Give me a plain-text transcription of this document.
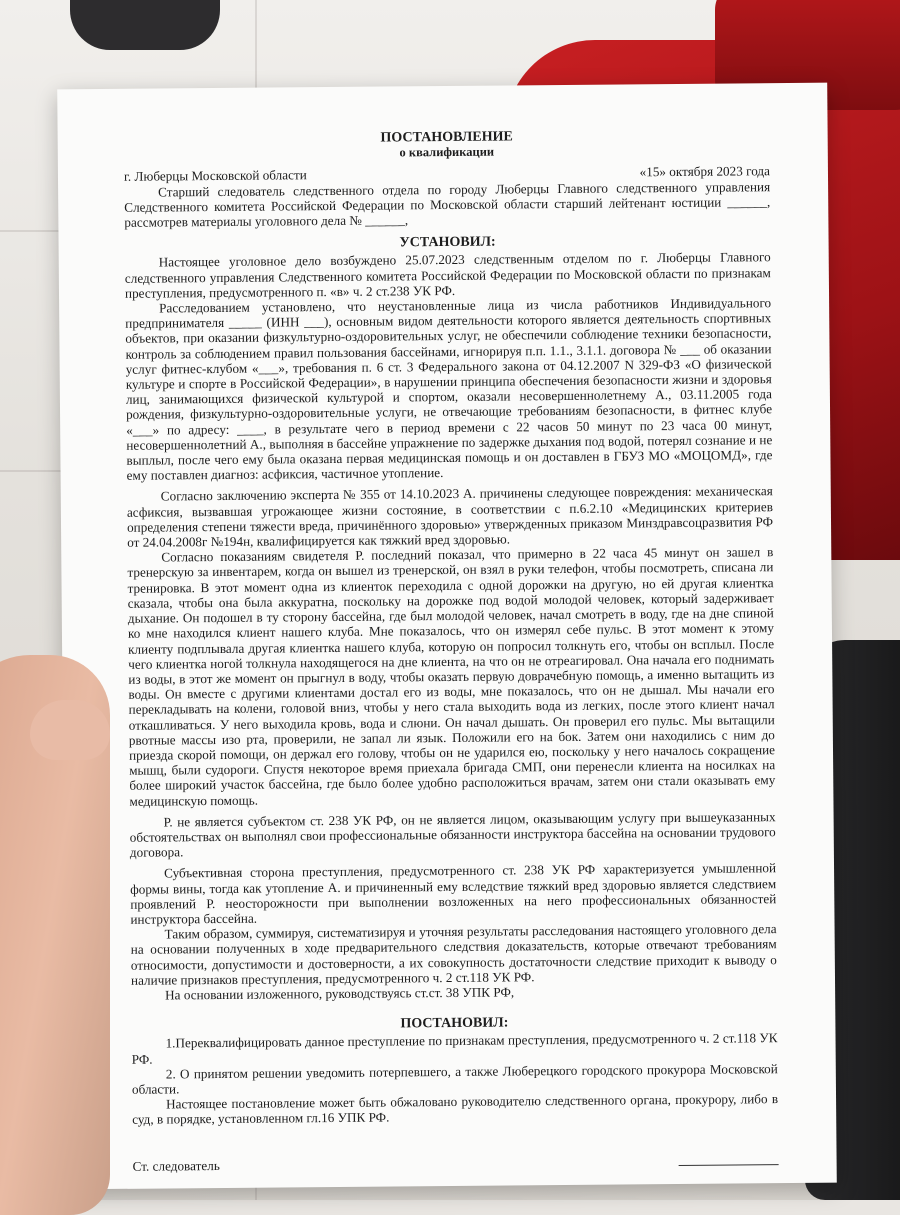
ПОСТАНОВЛЕНИЕ
о квалификации
г. Люберцы Московской области	«15» октября 2023 года

Старший следователь следственного отдела по городу Люберцы Главного следственного управления Следственного комитета Российской Федерации по Московской области старший лейтенант юстиции ______, рассмотрев материалы уголовного дела № ______,

УСТАНОВИЛ:

Настоящее уголовное дело возбуждено 25.07.2023 следственным отделом по г. Люберцы Главного следственного управления Следственного комитета Российской Федерации по Московской области по признакам преступления, предусмотренного п. «в» ч. 2 ст.238 УК РФ.

Расследованием установлено, что неустановленные лица из числа работников Индивидуального предпринимателя _____ (ИНН ___), основным видом деятельности которого является деятельность спортивных объектов, при оказании физкультурно-оздоровительных услуг, не обеспечили соблюдение техники безопасности, контроль за соблюдением правил пользования бассейнами, игнорируя п.п. 1.1., 3.1.1. договора № ___ об оказании услуг фитнес-клубом «___», требования п. 6 ст. 3 Федерального закона от 04.12.2007 N 329-ФЗ «О физической культуре и спорте в Российской Федерации», в нарушении принципа обеспечения безопасности жизни и здоровья лиц, занимающихся физической культурой и спортом, оказали несовершеннолетнему А., 03.11.2005 года рождения, физкультурно-оздоровительные услуги, не отвечающие требованиям безопасности, в фитнес клубе «___» по адресу: ____, в результате чего в период времени с 22 часов 50 минут по 23 часа 00 минут, несовершеннолетний А., выполняя в бассейне упражнение по задержке дыхания под водой, потерял сознание и не выплыл, после чего ему была оказана первая медицинская помощь и он доставлен в ГБУЗ МО «МОЦОМД», где ему поставлен диагноз: асфиксия, частичное утопление.

Согласно заключению эксперта № 355 от 14.10.2023 А. причинены следующее повреждения: механическая асфиксия, вызвавшая угрожающее жизни состояние, в соответствии с п.6.2.10 «Медицинских критериев определения степени тяжести вреда, причинённого здоровью» утвержденных приказом Минздравсоцразвития РФ от 24.04.2008г №194н, квалифицируется как тяжкий вред здоровью.

Согласно показаниям свидетеля Р. последний показал, что примерно в 22 часа 45 минут он зашел в тренерскую за инвентарем, когда он вышел из тренерской, он взял в руки телефон, чтобы посмотреть, списана ли тренировка. В этот момент одна из клиенток переходила с одной дорожки на другую, но ей другая клиентка сказала, чтобы она была аккуратна, поскольку на дорожке под водой молодой человек, который задерживает дыхание. Он подошел в ту сторону бассейна, где был молодой человек, начал смотреть в воду, где на дне спиной ко мне находился клиент нашего клуба. Мне показалось, что он измерял себе пульс. В этот момент к этому клиенту подплывала другая клиентка нашего клуба, которую он попросил толкнуть его, чтобы он всплыл. После чего клиентка ногой толкнула находящегося на дне клиента, на что он не отреагировал. Она начала его поднимать из воды, в этот же момент он прыгнул в воду, чтобы оказать первую доврачебную помощь, а именно вытащить из воды. Он вместе с другими клиентами достал его из воды, мне показалось, что он не дышал. Мы начали его перекладывать на колени, головой вниз, чтобы у него стала выходить вода из легких, после этого клиент начал откашливаться. У него выходила кровь, вода и слюни. Он начал дышать. Он проверил его пульс. Мы вытащили рвотные массы изо рта, проверили, не запал ли язык. Положили его на бок. Затем они находились с ним до приезда скорой помощи, он держал его голову, чтобы он не ударился ею, поскольку у него началось сокращение мышц, были судороги. Спустя некоторое время приехала бригада СМП, они перенесли клиента на носилках на более широкий участок бассейна, где было более удобно расположиться врачам, затем они стали оказывать ему медицинскую помощь.

Р. не является субъектом ст. 238 УК РФ, он не является лицом, оказывающим услугу при вышеуказанных обстоятельствах он выполнял свои профессиональные обязанности инструктора бассейна на основании трудового договора.

Субъективная сторона преступления, предусмотренного ст. 238 УК РФ характеризуется умышленной формы вины, тогда как утопление А. и причиненный ему вследствие тяжкий вред здоровью является следствием проявлений Р. неосторожности при выполнении возложенных на него профессиональных обязанностей инструктора бассейна.

Таким образом, суммируя, систематизируя и уточняя результаты расследования настоящего уголовного дела на основании полученных в ходе предварительного следствия доказательств, которые отвечают требованиям относимости, допустимости и достоверности, а их совокупность достаточности следствие приходит к выводу о наличие признаков преступления, предусмотренного ч. 2 ст.118 УК РФ.

На основании изложенного, руководствуясь ст.ст. 38 УПК РФ,

ПОСТАНОВИЛ:

1.Переквалифицировать данное преступление по признакам преступления, предусмотренного ч. 2 ст.118 УК РФ.

2. О принятом решении уведомить потерпевшего, а также Люберецкого городского прокурора Московской области.

Настоящее постановление может быть обжаловано руководителю следственного органа, прокурору, либо в суд, в порядке, установленном гл.16 УПК РФ.

Ст. следователь
